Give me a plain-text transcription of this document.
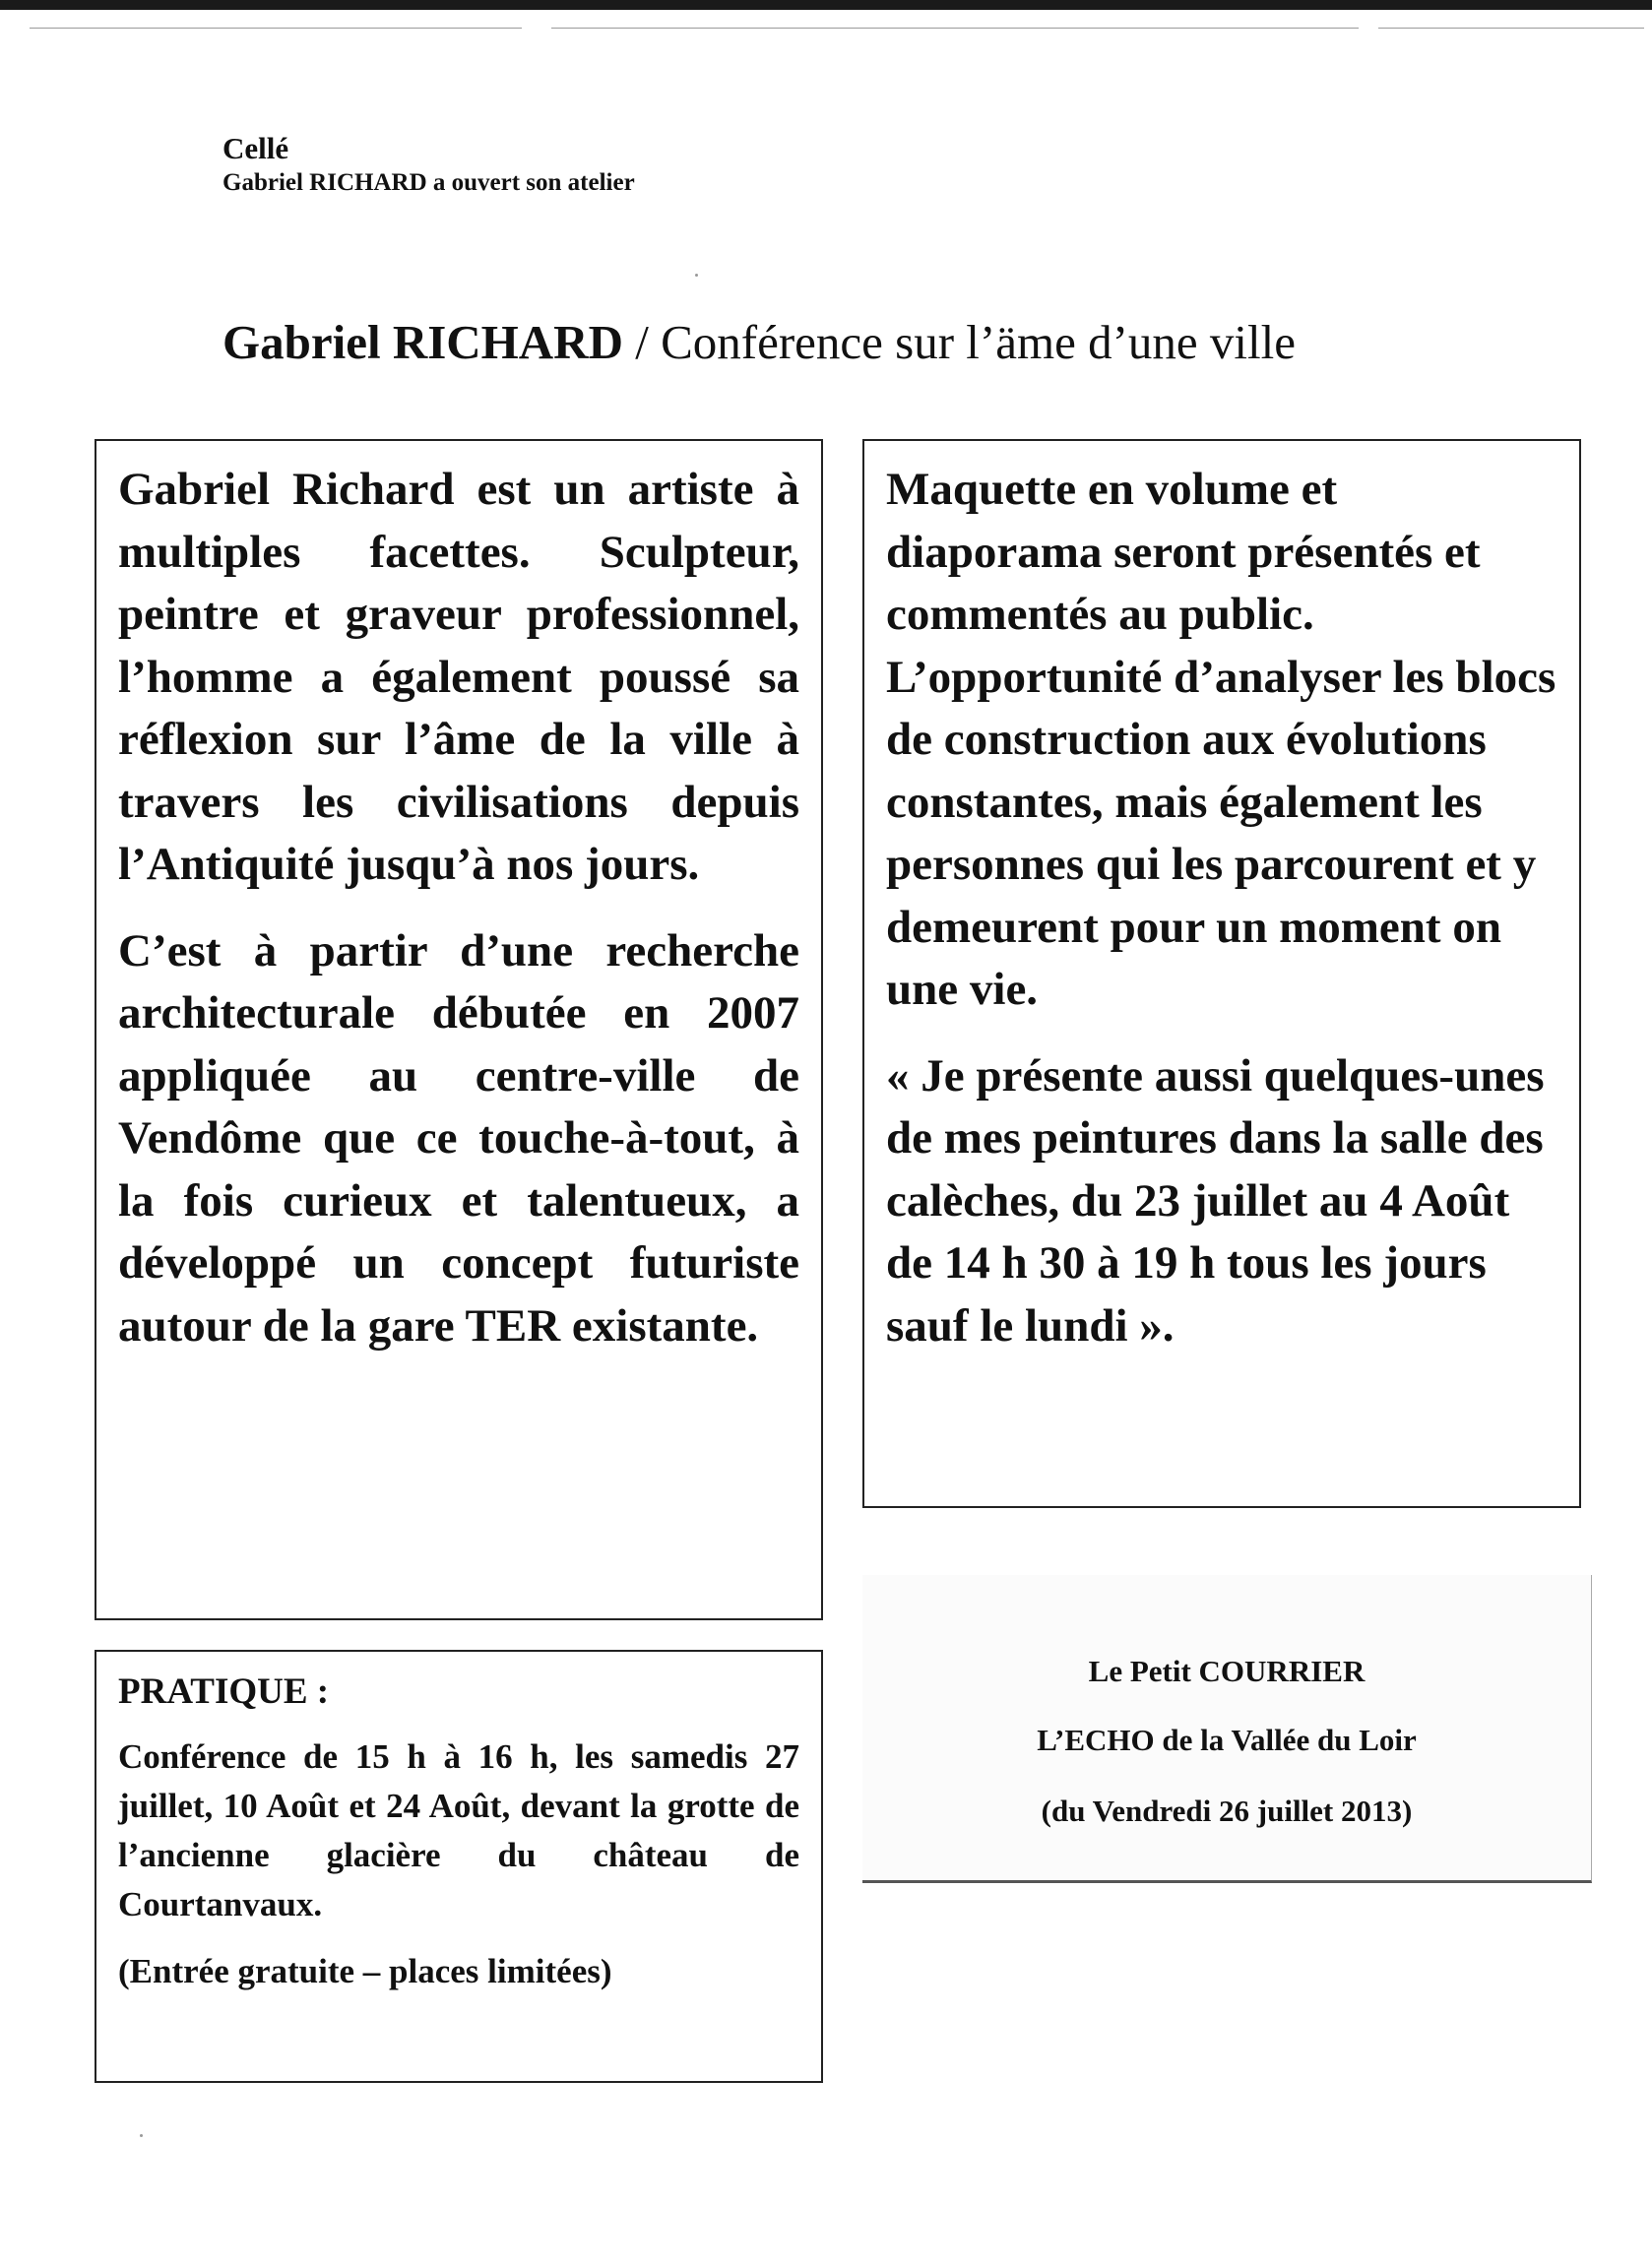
Cellé
Gabriel RICHARD a ouvert son atelier
Gabriel RICHARD / Conférence sur l’äme d’une ville

Gabriel Richard est un artiste à multiples facettes. Sculpteur, peintre et graveur professionnel, l’homme a également poussé sa réflexion sur l’âme de la ville à travers les civilisations depuis l’Antiquité jusqu’à nos jours.

C’est à partir d’une recherche architecturale débutée en 2007 appliquée au centre-ville de Vendôme que ce touche-à-tout, à la fois curieux et talentueux, a développé un concept futuriste autour de la gare TER existante.

Maquette en volume et diaporama seront présentés et commentés au public. L’opportunité d’analyser les blocs de construction aux évolutions constantes, mais également les personnes qui les parcourent et y demeurent pour un moment on une vie.

« Je présente aussi quelques-unes de mes peintures dans la salle des calèches, du 23 juillet au 4 Août de 14 h 30 à 19 h tous les jours sauf le lundi ».

PRATIQUE :

Conférence de 15 h à 16 h, les samedis 27 juillet, 10 Août et 24 Août, devant la grotte de l’ancienne glacière du château de Courtanvaux.

(Entrée gratuite – places limitées)

Le Petit COURRIER
L’ECHO de la Vallée du Loir
(du Vendredi 26 juillet 2013)
